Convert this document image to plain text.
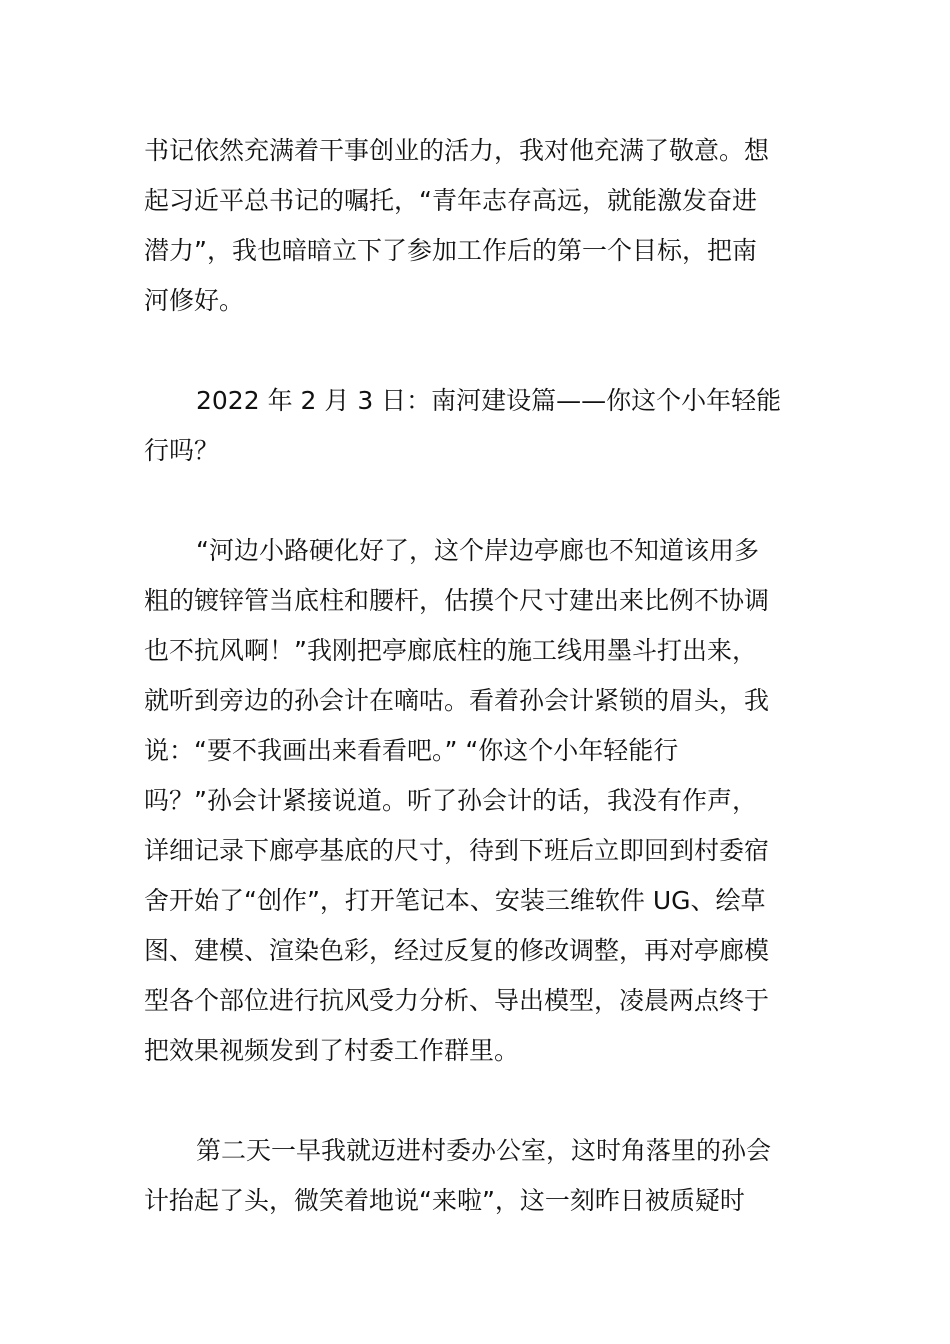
书记依然充满着干事创业的活力，我对他充满了敬意。想
起习近平总书记的嘱托，“青年志存高远，就能激发奋进
潜力”，我也暗暗立下了参加工作后的第一个目标，把南
河修好。

2022 年 2 月 3 日：南河建设篇——你这个小年轻能
行吗？

“河边小路硬化好了，这个岸边亭廊也不知道该用多
粗的镀锌管当底柱和腰杆，估摸个尺寸建出来比例不协调
也不抗风啊！”我刚把亭廊底柱的施工线用墨斗打出来，
就听到旁边的孙会计在嘀咕。看着孙会计紧锁的眉头，我
说：“要不我画出来看看吧。” “你这个小年轻能行
吗？”孙会计紧接说道。听了孙会计的话，我没有作声，
详细记录下廊亭基底的尺寸，待到下班后立即回到村委宿
舍开始了“创作”，打开笔记本、安装三维软件 UG、绘草
图、建模、渲染色彩，经过反复的修改调整，再对亭廊模
型各个部位进行抗风受力分析、导出模型，凌晨两点终于
把效果视频发到了村委工作群里。

第二天一早我就迈进村委办公室，这时角落里的孙会
计抬起了头，微笑着地说“来啦”，这一刻昨日被质疑时
